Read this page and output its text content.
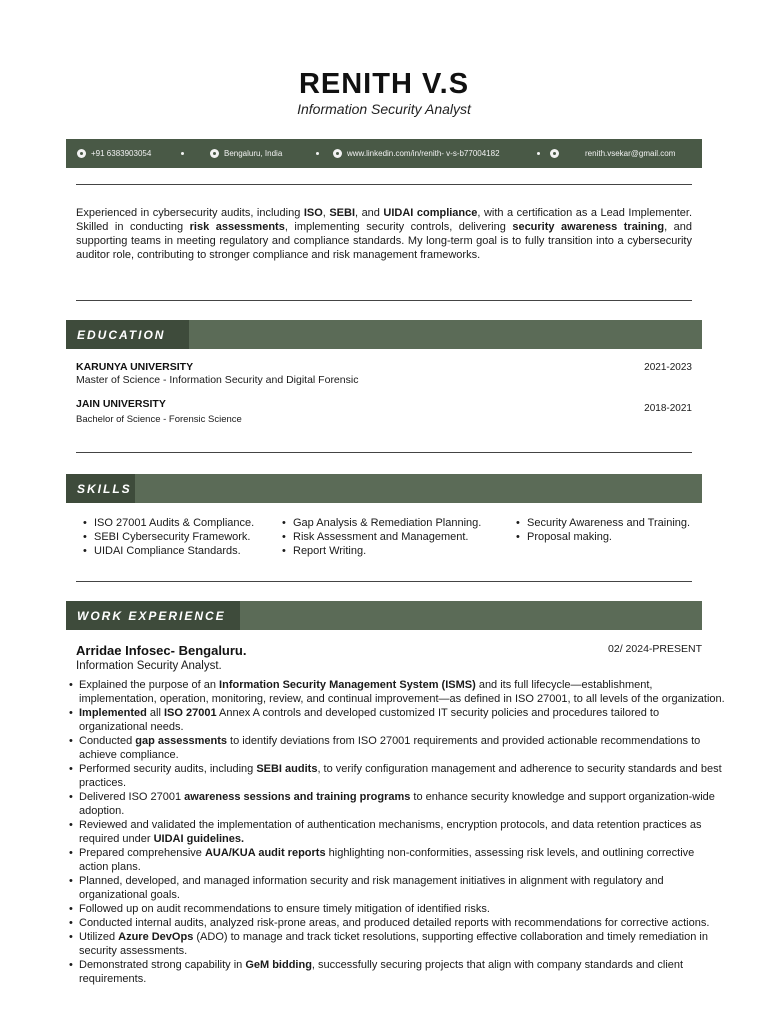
RENITH V.S
Information Security Analyst
+91 6383903054	Bengaluru, India	www.linkedin.com/in/renith- v-s-b77004182	renith.vsekar@gmail.com
Experienced in cybersecurity audits, including ISO, SEBI, and UIDAI compliance, with a certification as a Lead Implementer. Skilled in conducting risk assessments, implementing security controls, delivering security awareness training, and supporting teams in meeting regulatory and compliance standards. My long-term goal is to fully transition into a cybersecurity auditor role, contributing to stronger compliance and risk management frameworks.
EDUCATION
KARUNYA UNIVERSITY
Master of Science - Information Security and Digital Forensic
2021-2023
JAIN UNIVERSITY
Bachelor of Science - Forensic Science
2018-2021
SKILLS
• ISO 27001 Audits & Compliance.
• SEBI Cybersecurity Framework.
• UIDAI Compliance Standards.
• Gap Analysis & Remediation Planning.
• Risk Assessment and Management.
• Report Writing.
• Security Awareness and Training.
• Proposal making.
WORK EXPERIENCE
Arridae Infosec- Bengaluru.	02/ 2024-PRESENT
Information Security Analyst.
• Explained the purpose of an Information Security Management System (ISMS) and its full lifecycle—establishment, implementation, operation, monitoring, review, and continual improvement—as defined in ISO 27001, to all levels of the organization.
• Implemented all ISO 27001 Annex A controls and developed customized IT security policies and procedures tailored to organizational needs.
• Conducted gap assessments to identify deviations from ISO 27001 requirements and provided actionable recommendations to achieve compliance.
• Performed security audits, including SEBI audits, to verify configuration management and adherence to security standards and best practices.
• Delivered ISO 27001 awareness sessions and training programs to enhance security knowledge and support organization-wide adoption.
• Reviewed and validated the implementation of authentication mechanisms, encryption protocols, and data retention practices as required under UIDAI guidelines.
• Prepared comprehensive AUA/KUA audit reports highlighting non-conformities, assessing risk levels, and outlining corrective action plans.
• Planned, developed, and managed information security and risk management initiatives in alignment with regulatory and organizational goals.
• Followed up on audit recommendations to ensure timely mitigation of identified risks.
• Conducted internal audits, analyzed risk-prone areas, and produced detailed reports with recommendations for corrective actions.
• Utilized Azure DevOps (ADO) to manage and track ticket resolutions, supporting effective collaboration and timely remediation in security assessments.
• Demonstrated strong capability in GeM bidding, successfully securing projects that align with company standards and client requirements.
